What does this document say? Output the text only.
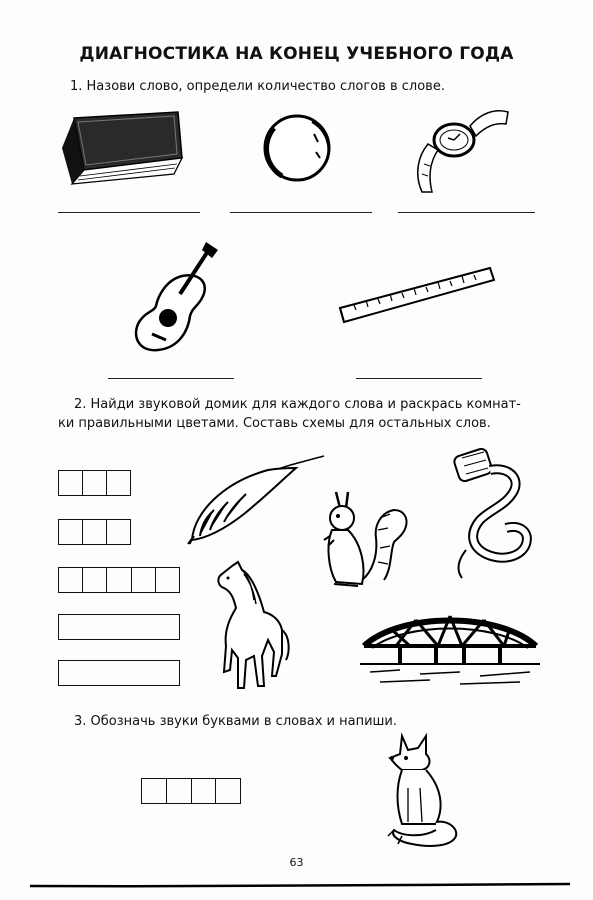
ДИАГНОСТИКА НА КОНЕЦ УЧЕБНОГО ГОДА
1. Назови слово, определи количество слогов в слове.
2. Найди звуковой домик для каждого слова и раскрась комнат-
ки правильными цветами. Составь схемы для остальных слов.
3. Обозначь звуки буквами в словах и напиши.
63
